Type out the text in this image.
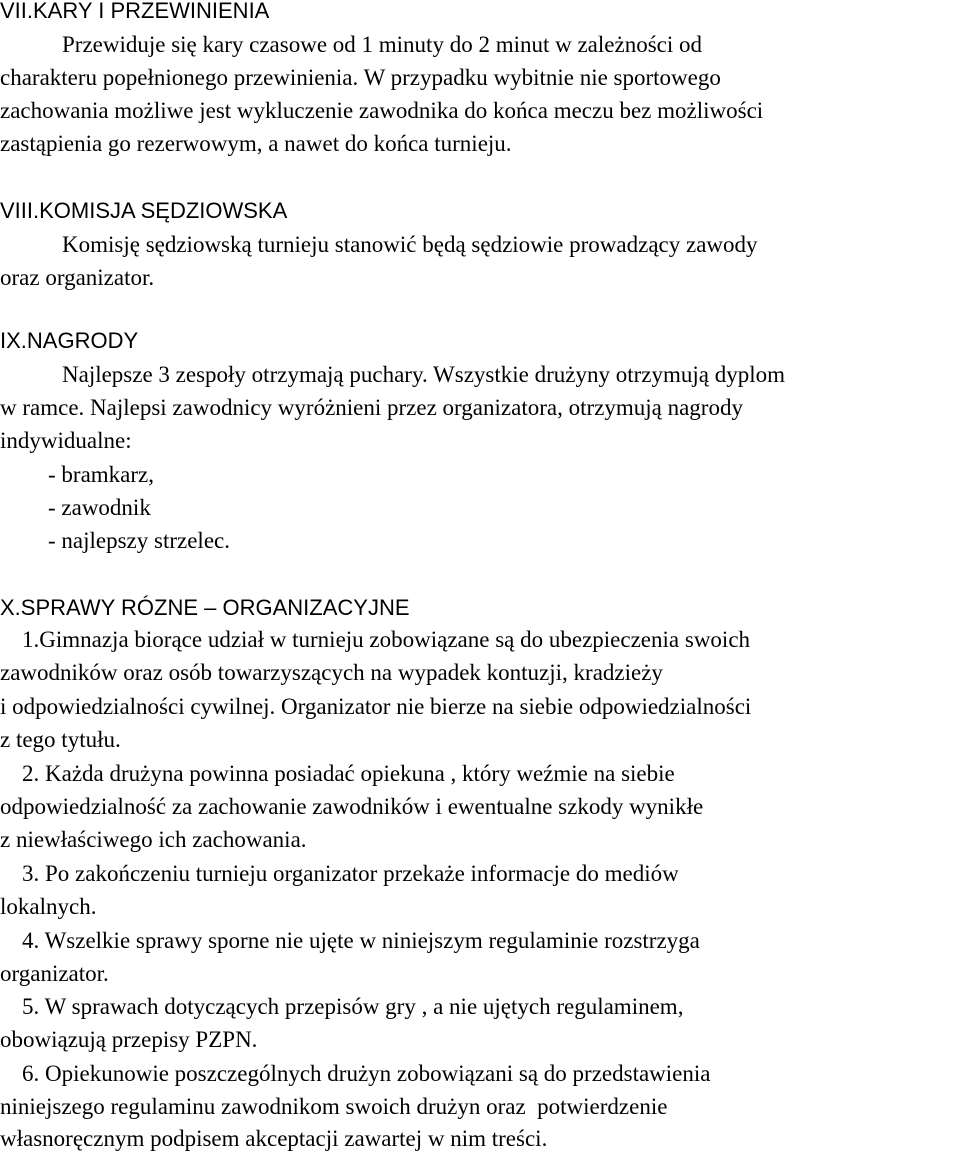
VII.KARY I PRZEWINIENIA
Przewiduje się kary czasowe od 1 minuty do 2 minut w zależności od
charakteru popełnionego przewinienia. W przypadku wybitnie nie sportowego
zachowania możliwe jest wykluczenie zawodnika do końca meczu bez możliwości
zastąpienia go rezerwowym, a nawet do końca turnieju.
VIII.KOMISJA SĘDZIOWSKA
Komisję sędziowską turnieju stanowić będą sędziowie prowadzący zawody
oraz organizator.
IX.NAGRODY
Najlepsze 3 zespoły otrzymają puchary. Wszystkie drużyny otrzymują dyplom
w ramce. Najlepsi zawodnicy wyróżnieni przez organizatora, otrzymują nagrody
indywidualne:
- bramkarz,
- zawodnik
- najlepszy strzelec.
X.SPRAWY RÓZNE – ORGANIZACYJNE
1.Gimnazja biorące udział w turnieju zobowiązane są do ubezpieczenia swoich
zawodników oraz osób towarzyszących na wypadek kontuzji, kradzieży
i odpowiedzialności cywilnej. Organizator nie bierze na siebie odpowiedzialności
z tego tytułu.
2. Każda drużyna powinna posiadać opiekuna , który weźmie na siebie
odpowiedzialność za zachowanie zawodników i ewentualne szkody wynikłe
z niewłaściwego ich zachowania.
3. Po zakończeniu turnieju organizator przekaże informacje do mediów
lokalnych.
4. Wszelkie sprawy sporne nie ujęte w niniejszym regulaminie rozstrzyga
organizator.
5. W sprawach dotyczących przepisów gry , a nie ujętych regulaminem,
obowiązują przepisy PZPN.
6. Opiekunowie poszczególnych drużyn zobowiązani są do przedstawienia
niniejszego regulaminu zawodnikom swoich drużyn oraz  potwierdzenie
własnoręcznym podpisem akceptacji zawartej w nim treści.
